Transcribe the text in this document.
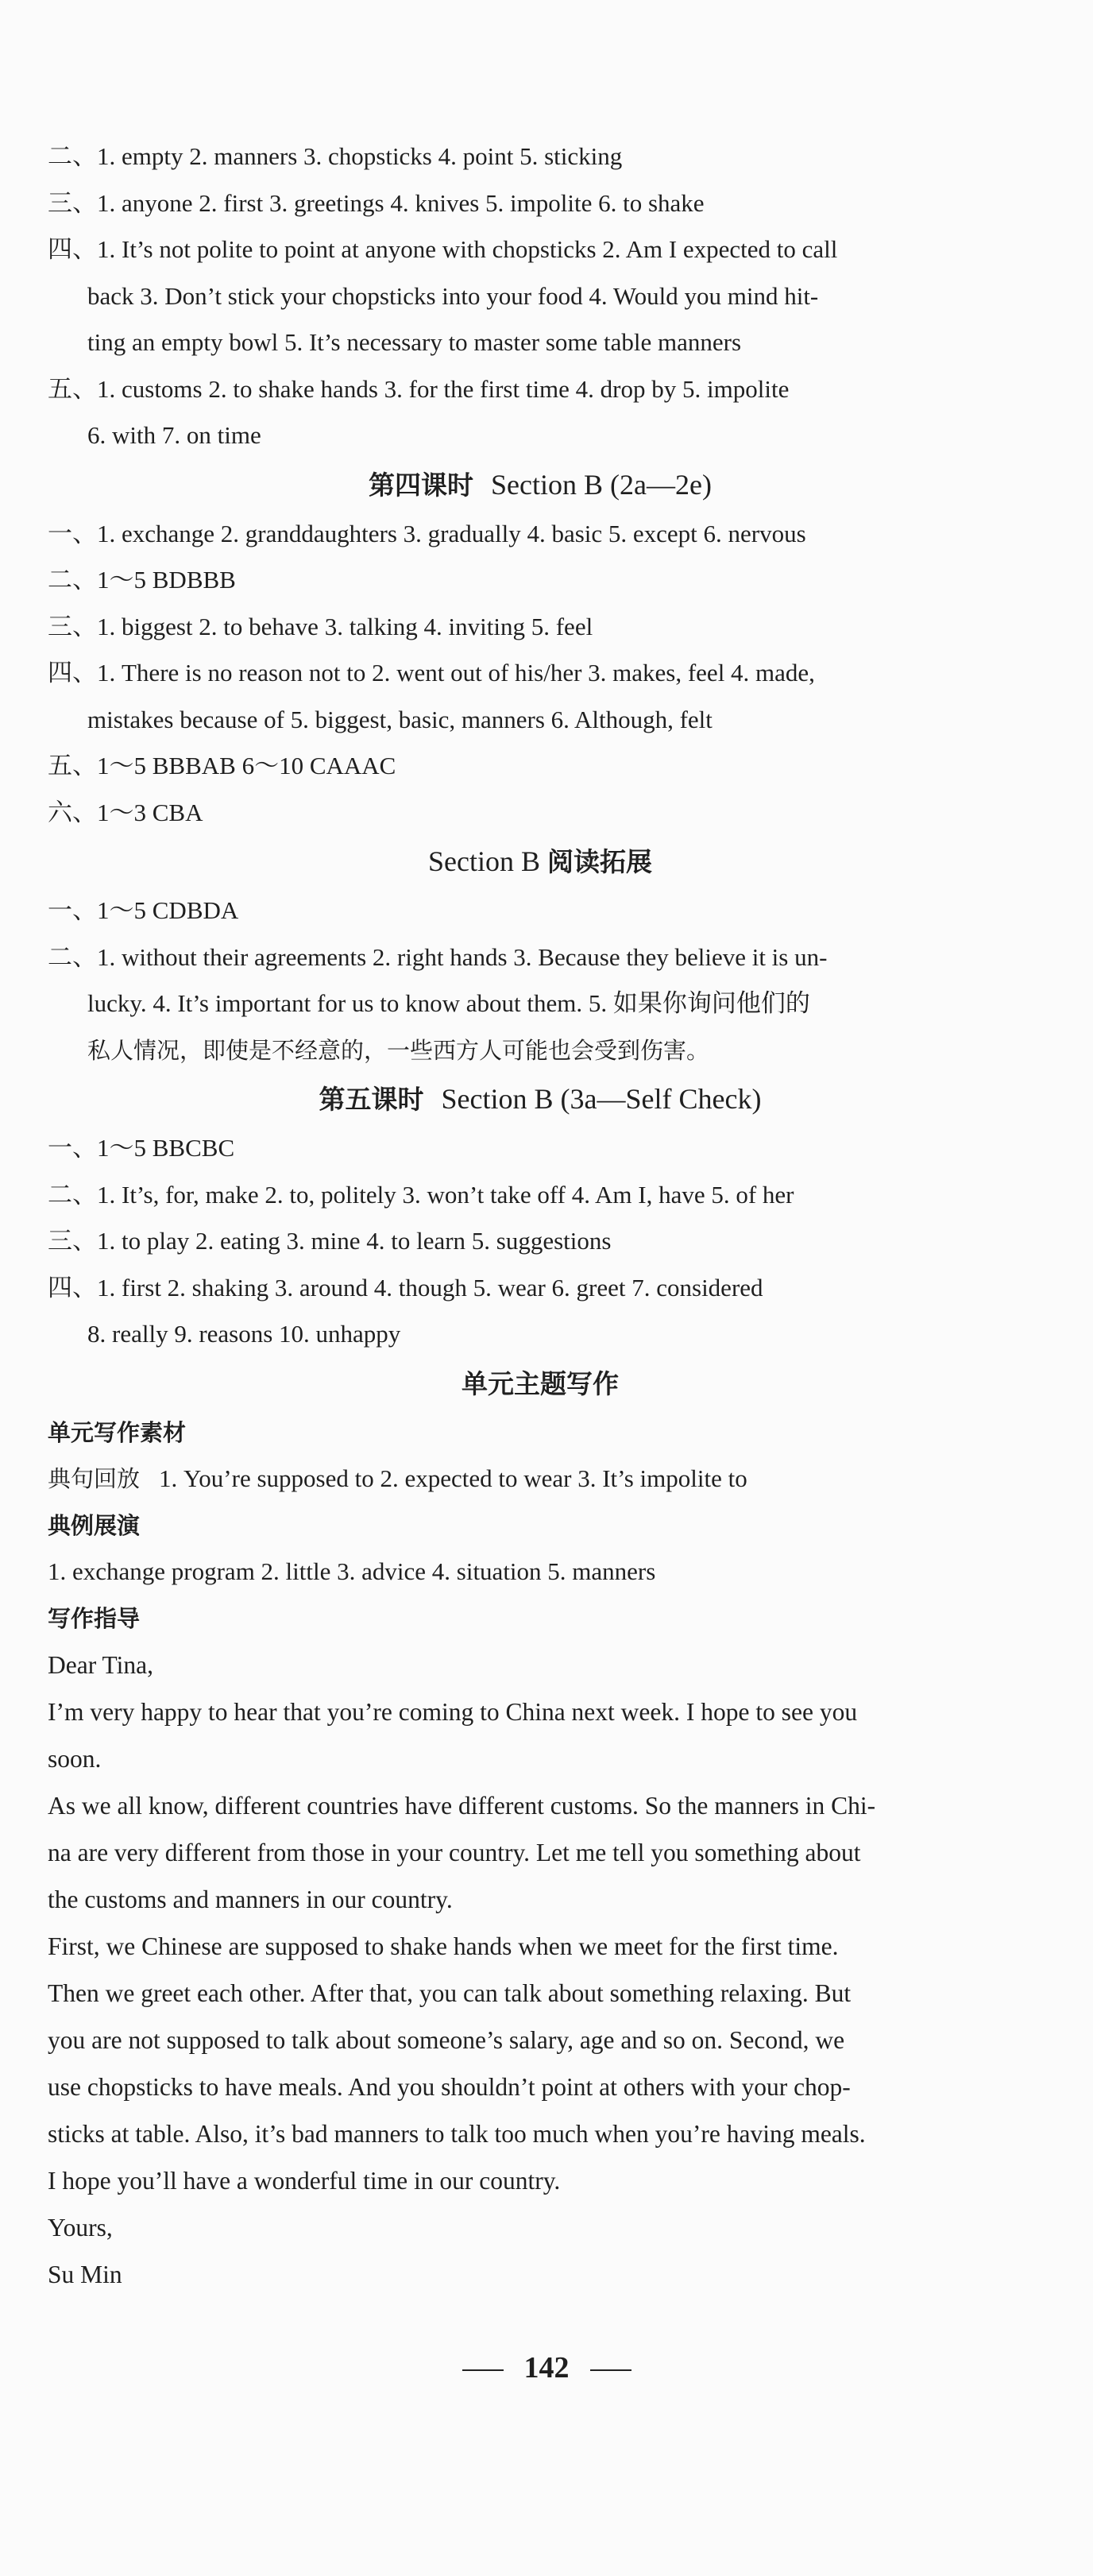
二、1. empty 2. manners 3. chopsticks 4. point 5. sticking
三、1. anyone 2. first 3. greetings 4. knives 5. impolite 6. to shake
四、1. It’s not polite to point at anyone with chopsticks 2. Am I expected to call
back 3. Don’t stick your chopsticks into your food 4. Would you mind hit-
ting an empty bowl 5. It’s necessary to master some table manners
五、1. customs 2. to shake hands 3. for the first time 4. drop by 5. impolite
6. with 7. on time
第四课时 Section B (2a—2e)
一、1. exchange 2. granddaughters 3. gradually 4. basic 5. except 6. nervous
二、1～5 BDBBB
三、1. biggest 2. to behave 3. talking 4. inviting 5. feel
四、1. There is no reason not to 2. went out of his/her 3. makes, feel 4. made,
mistakes because of 5. biggest, basic, manners 6. Although, felt
五、1～5 BBBAB 6～10 CAAAC
六、1～3 CBA
Section B 阅读拓展
一、1～5 CDBDA
二、1. without their agreements 2. right hands 3. Because they believe it is un-
lucky. 4. It’s important for us to know about them. 5. 如果你询问他们的
私人情况，即使是不经意的，一些西方人可能也会受到伤害。
第五课时 Section B (3a—Self Check)
一、1～5 BBCBC
二、1. It’s, for, make 2. to, politely 3. won’t take off 4. Am I, have 5. of her
三、1. to play 2. eating 3. mine 4. to learn 5. suggestions
四、1. first 2. shaking 3. around 4. though 5. wear 6. greet 7. considered
8. really 9. reasons 10. unhappy
单元主题写作
单元写作素材
典句回放 1. You’re supposed to 2. expected to wear 3. It’s impolite to
典例展演
1. exchange program 2. little 3. advice 4. situation 5. manners
写作指导
Dear Tina,
I’m very happy to hear that you’re coming to China next week. I hope to see you
soon.
As we all know, different countries have different customs. So the manners in Chi-
na are very different from those in your country. Let me tell you something about
the customs and manners in our country.
First, we Chinese are supposed to shake hands when we meet for the first time.
Then we greet each other. After that, you can talk about something relaxing. But
you are not supposed to talk about someone’s salary, age and so on. Second, we
use chopsticks to have meals. And you shouldn’t point at others with your chop-
sticks at table. Also, it’s bad manners to talk too much when you’re having meals.
I hope you’ll have a wonderful time in our country.
Yours,
Su Min
142
